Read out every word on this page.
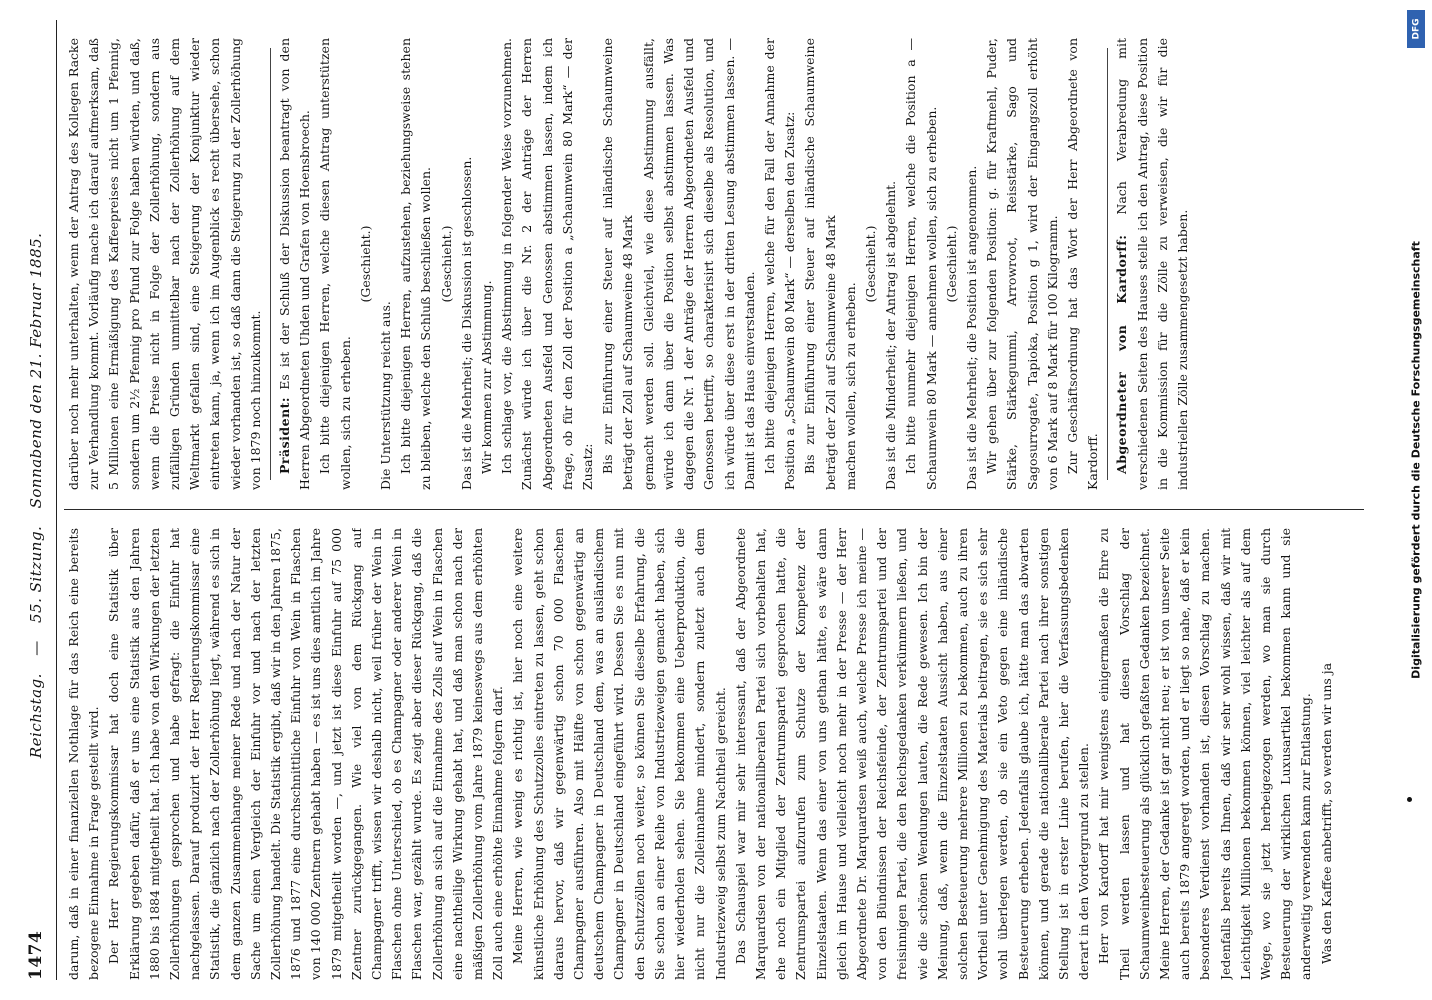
1474
Reichstag. — 55. Sitzung. Sonnabend den 21. Februar 1885.

darum, daß in einer finanziellen Nothlage für das Reich eine bereits bezogene Einnahme in Frage gestellt wird. Der Herr Regierungskommissar hat doch eine Statistik über Erklärung gegeben dafür, daß er uns eine Statistik aus den Jahren 1880 bis 1884 mitgetheilt hat. Ich habe von den Wirkungen der letzten Zollerhöhungen gesprochen und habe gefragt: die Einfuhr hat nachgelassen. Darauf produzirt der Herr Regierungskommissar eine Statistik, die gänzlich nach der Zollerhöhung liegt, während es sich in dem ganzen Zusammenhange meiner Rede und nach der Natur der Sache um einen Vergleich der Einfuhr vor und nach der letzten Zollerhöhung handelt. Die Statistik ergibt, daß wir in den Jahren 1875, 1876 und 1877 eine durchschnittliche Einfuhr von Wein in Flaschen von 140 000 Zentnern gehabt haben — es ist uns dies amtlich im Jahre 1879 mitgetheilt worden —, und jetzt ist diese Einfuhr auf 75 000 Zentner zurückgegangen. Wie viel von dem Rückgang auf Champagner trifft, wissen wir deshalb nicht, weil früher der Wein in Flaschen ohne Unterschied, ob es Champagner oder anderer Wein in Flaschen war, gezählt wurde. Es zeigt aber dieser Rückgang, daß die Zollerhöhung an sich auf die Einnahme des Zolls auf Wein in Flaschen eine nachtheilige Wirkung gehabt hat, und daß man schon nach der mäßigen Zollerhöhung vom Jahre 1879 keineswegs aus dem erhöhten Zoll auch eine erhöhte Einnahme folgern darf. Meine Herren, wie wenig es richtig ist, hier noch eine weitere künstliche Erhöhung des Schutzzolles eintreten zu lassen, geht schon daraus hervor, daß wir gegenwärtig schon 70 000 Flaschen Champagner ausführen. Also mit Hälfte von schon gegenwärtig an deutschem Champagner in Deutschland dem, was an ausländischem Champagner in Deutschland eingeführt wird. Dessen Sie es nun mit den Schutzzöllen noch weiter, so können Sie dieselbe Erfahrung, die Sie schon an einer Reihe von Industriezweigen gemacht haben, sich hier wiederholen sehen. Sie bekommen eine Ueberproduktion, die nicht nur die Zolleinnahme mindert, sondern zuletzt auch dem Industriezweig selbst zum Nachtheil gereicht. Das Schauspiel war mir sehr interessant, daß der Abgeordnete Marquardsen von der nationalliberalen Partei sich vorbehalten hat, ehe noch ein Mitglied der Zentrumspartei gesprochen hatte, die Zentrumspartei aufzurufen zum Schutze der Kompetenz der Einzelstaaten. Wenn das einer von uns gethan hätte, es wäre dann gleich im Hause und vielleicht noch mehr in der Presse — der Herr Abgeordnete Dr. Marquardsen weiß auch, welche Presse ich meine — von den Bündnissen der Reichsfeinde, der Zentrumspartei und der freisinnigen Partei, die den Reichsgedanken verkümmern ließen, und wie die schönen Wendungen lauten, die Rede gewesen. Ich bin der Meinung, daß, wenn die Einzelstaaten Aussicht haben, aus einer solchen Besteuerung mehrere Millionen zu bekommen, auch zu ihren Vortheil unter Genehmigung des Materials beitragen, sie es sich sehr wohl überlegen werden, ob sie ein Veto gegen eine inländische Besteuerung erheben. Jedenfalls glaube ich, hätte man das abwarten können, und gerade die nationalliberale Partei nach ihrer sonstigen Stellung ist in erster Linie berufen, hier die Verfassungsbedenken derart in den Vordergrund zu stellen. Herr von Kardorff hat mir wenigstens einigermaßen die Ehre zu Theil werden lassen und hat diesen Vorschlag der Schaumweinbesteuerung als glücklich gefaßten Gedanken bezeichnet. Meine Herren, der Gedanke ist gar nicht neu; er ist von unserer Seite auch bereits 1879 angeregt worden, und er liegt so nahe, daß er kein besonderes Verdienst vorhanden ist, diesen Vorschlag zu machen. Jedenfalls bereits das Ihnen, daß wir sehr wohl wissen, daß wir mit Leichtigkeit Millionen bekommen können, viel leichter als auf dem Wege, wo sie jetzt herbeigezogen werden, wo man sie durch Besteuerung der wirklichen Luxusartikel bekommen kann und sie anderweitig verwenden kann zur Entlastung. Was den Kaffee anbetrifft, so werden wir uns ja

darüber noch mehr unterhalten, wenn der Antrag des Kollegen Racke zur Verhandlung kommt. Vorläufig mache ich darauf aufmerksam, daß 5 Millionen eine Ermäßigung des Kaffeepreises nicht um 1 Pfennig, sondern um 2½ Pfennig pro Pfund zur Folge haben würden, und daß, wenn die Preise nicht in Folge der Zollerhöhung, sondern aus zufälligen Gründen unmittelbar nach der Zollerhöhung auf dem Weltmarkt gefallen sind, eine Steigerung der Konjunktur wieder eintreten kann, ja, wenn ich im Augenblick es recht übersehe, schon wieder vorhanden ist, so daß dann die Steigerung zu der Zollerhöhung von 1879 noch hinzukommt. Präsident: Es ist der Schluß der Diskussion beantragt von den Herren Abgeordneten Uhden und Grafen von Hoensbroech. Ich bitte diejenigen Herren, welche diesen Antrag unterstützen wollen, sich zu erheben.

(Geschieht.)

Die Unterstützung reicht aus. Ich bitte diejenigen Herren, aufzustehen, beziehungsweise stehen zu bleiben, welche den Schluß beschließen wollen. (Geschieht.) Das ist die Mehrheit; die Diskussion ist geschlossen. Wir kommen zur Abstimmung. Ich schlage vor, die Abstimmung in folgender Weise vorzunehmen. Zunächst würde ich über die Nr. 2 der Anträge der Herren Abgeordneten Ausfeld und Genossen abstimmen lassen, indem ich frage, ob für den Zoll der Position a „Schaumwein 80 Mark“ — der Zusatz: Bis zur Einführung einer Steuer auf inländische Schaumweine beträgt der Zoll auf Schaumweine 48 Mark gemacht werden soll. Gleichviel, wie diese Abstimmung ausfällt, würde ich dann über die Position selbst abstimmen lassen. Was dagegen die Nr. 1 der Anträge der Herren Abgeordneten Ausfeld und Genossen betrifft, so charakterisirt sich dieselbe als Resolution, und ich würde über diese erst in der dritten Lesung abstimmen lassen. — Damit ist das Haus einverstanden. Ich bitte diejenigen Herren, welche für den Fall der Annahme der Position a „Schaumwein 80 Mark“ — derselben den Zusatz: Bis zur Einführung einer Steuer auf inländische Schaumweine beträgt der Zoll auf Schaumweine 48 Mark machen wollen, sich zu erheben.

(Geschieht.) Das ist die Minderheit; der Antrag ist abgelehnt. Ich bitte nunmehr diejenigen Herren, welche die Position a — Schaumwein 80 Mark — annehmen wollen, sich zu erheben. (Geschieht.) Das ist die Mehrheit; die Position ist angenommen. Wir gehen über zur folgenden Position: g. für Kraftmehl, Puder, Stärke, Stärkegummi, Arrowroot, Reisstärke, Sago und Sagosurrogate, Tapioka, Position g 1, wird der Eingangszoll erhöht von 6 Mark auf 8 Mark für 100 Kilogramm. Zur Geschäftsordnung hat das Wort der Herr Abgeordnete von Kardorff. Abgeordneter von Kardorff: Nach Verabredung mit verschiedenen Seiten des Hauses stelle ich den Antrag, diese Position in die Kommission für die Zölle zu verweisen, die wir für die industriellen Zölle zusammengesetzt haben.

DFG
Digitalisierung gefördert durch die Deutsche Forschungsgemeinschaft
